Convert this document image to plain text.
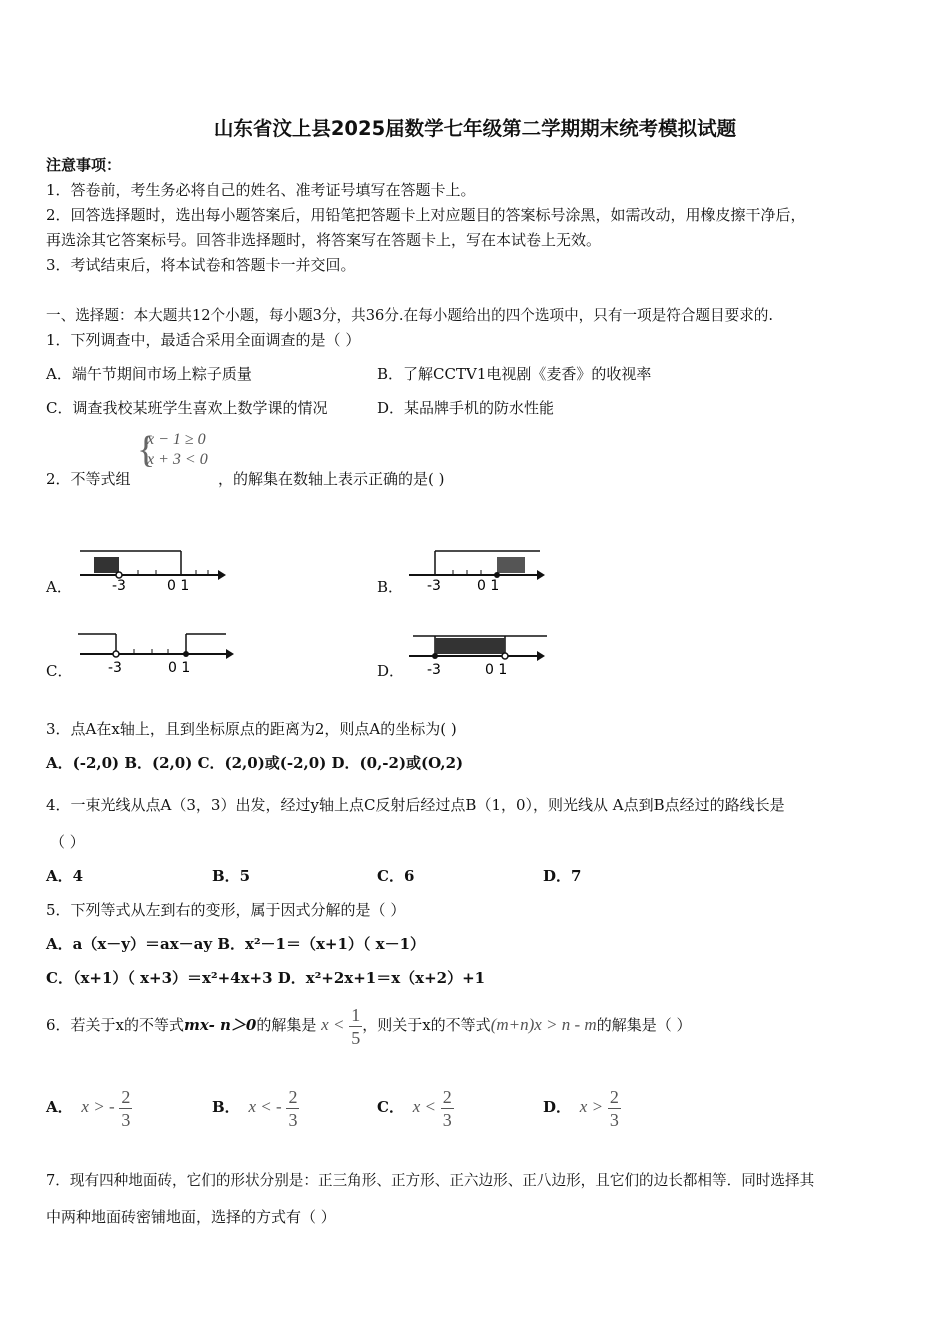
山东省汶上县2025届数学七年级第二学期期末统考模拟试题
注意事项：
1．答卷前，考生务必将自己的姓名、准考证号填写在答题卡上。
2．回答选择题时，选出每小题答案后，用铅笔把答题卡上对应题目的答案标号涂黑，如需改动，用橡皮擦干净后，
再选涂其它答案标号。回答非选择题时，将答案写在答题卡上，写在本试卷上无效。
3．考试结束后，将本试卷和答题卡一并交回。
一、选择题：本大题共12个小题，每小题3分，共36分.在每小题给出的四个选项中，只有一项是符合题目要求的.
1．下列调查中，最适合采用全面调查的是（ ）
A．端午节期间市场上粽子质量	B．了解CCTV1电视剧《麦香》的收视率
C．调查我校某班学生喜欢上数学课的情况	D．某品牌手机的防水性能
2．不等式组
{
x − 1 ≥ 0
x + 3 < 0
，的解集在数轴上表示正确的是( )
A．	-3	0 1	B． -3	0 1
C．	-3	0 1	D． -3	0 1
3．点A在x轴上，且到坐标原点的距离为2，则点A的坐标为( )
A．(-2,0) B．(2,0) C．(2,0)或(-2,0) D．(0,-2)或(O,2)
4．一束光线从点A（3，3）出发，经过y轴上点C反射后经过点B（1，0），则光线从 A点到B点经过的路线长是
（ ）
A．4	B．5	C．6	D．7
5．下列等式从左到右的变形，属于因式分解的是（ ）
A．a（x－y）＝ax－ay B．x²－1＝（x+1）（ x－1）
C．（x+1）（ x+3）＝x²+4x+3 D．x²+2x+1＝x（x+2）+1
6．若关于x的不等式mx- n＞0的解集是 $x < \frac{1}{5}$ ，则关于x的不等式(m+n)x > n - m的解集是（ ）
A． x > - $\frac{2}{3}$	B． x < - $\frac{2}{3}$	C． $x < \frac{2}{3}$	D． $x > \frac{2}{3}$
7．现有四种地面砖，它们的形状分别是：正三角形、正方形、正六边形、正八边形，且它们的边长都相等．同时选择其
中两种地面砖密铺地面，选择的方式有（ ）
